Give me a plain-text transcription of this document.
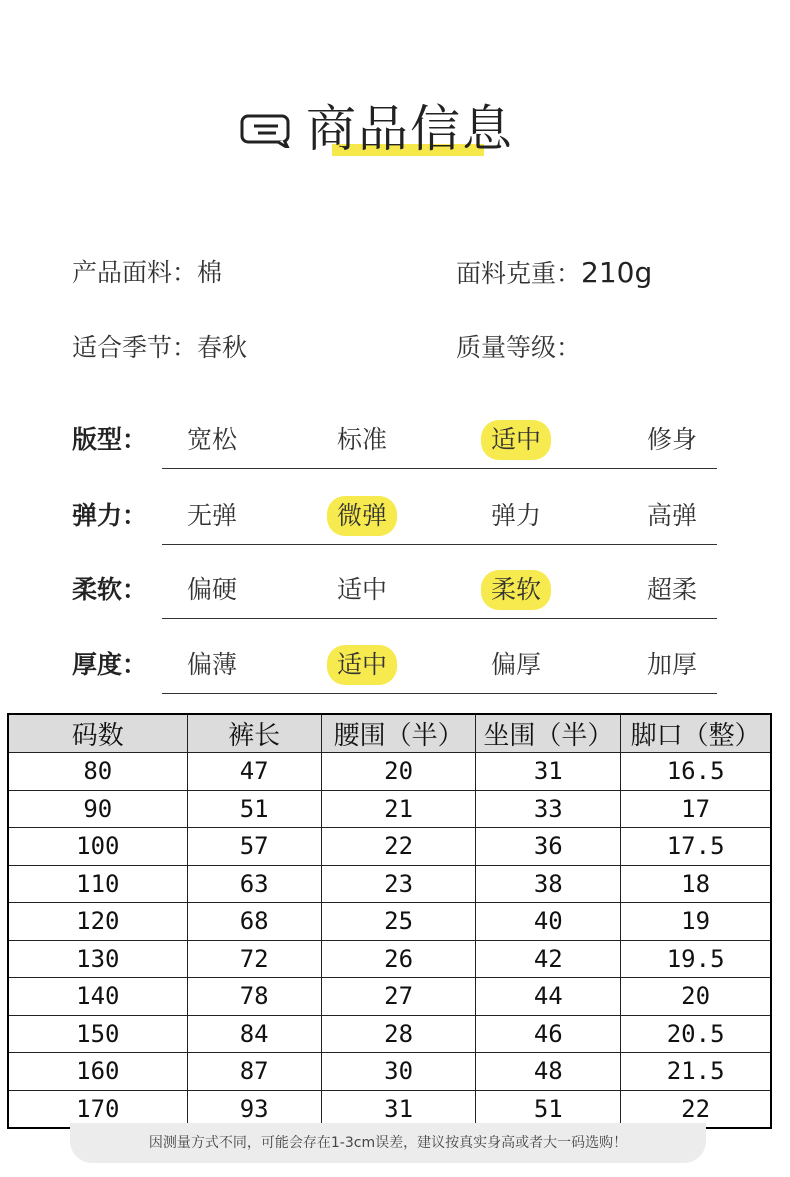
商品信息
产品面料：棉	面料克重：210g
适合季节：春秋	质量等级：
版型：	宽松	标准	适中	修身
弹力：	无弹	微弹	弹力	高弹
柔软：	偏硬	适中	柔软	超柔
厚度：	偏薄	适中	偏厚	加厚
码数	裤长	腰围（半）	坐围（半）	脚口（整）
80	47	20	31	16.5
90	51	21	33	17
100	57	22	36	17.5
110	63	23	38	18
120	68	25	40	19
130	72	26	42	19.5
140	78	27	44	20
150	84	28	46	20.5
160	87	30	48	21.5
170	93	31	51	22
因测量方式不同，可能会存在1-3cm误差，建议按真实身高或者大一码选购！
